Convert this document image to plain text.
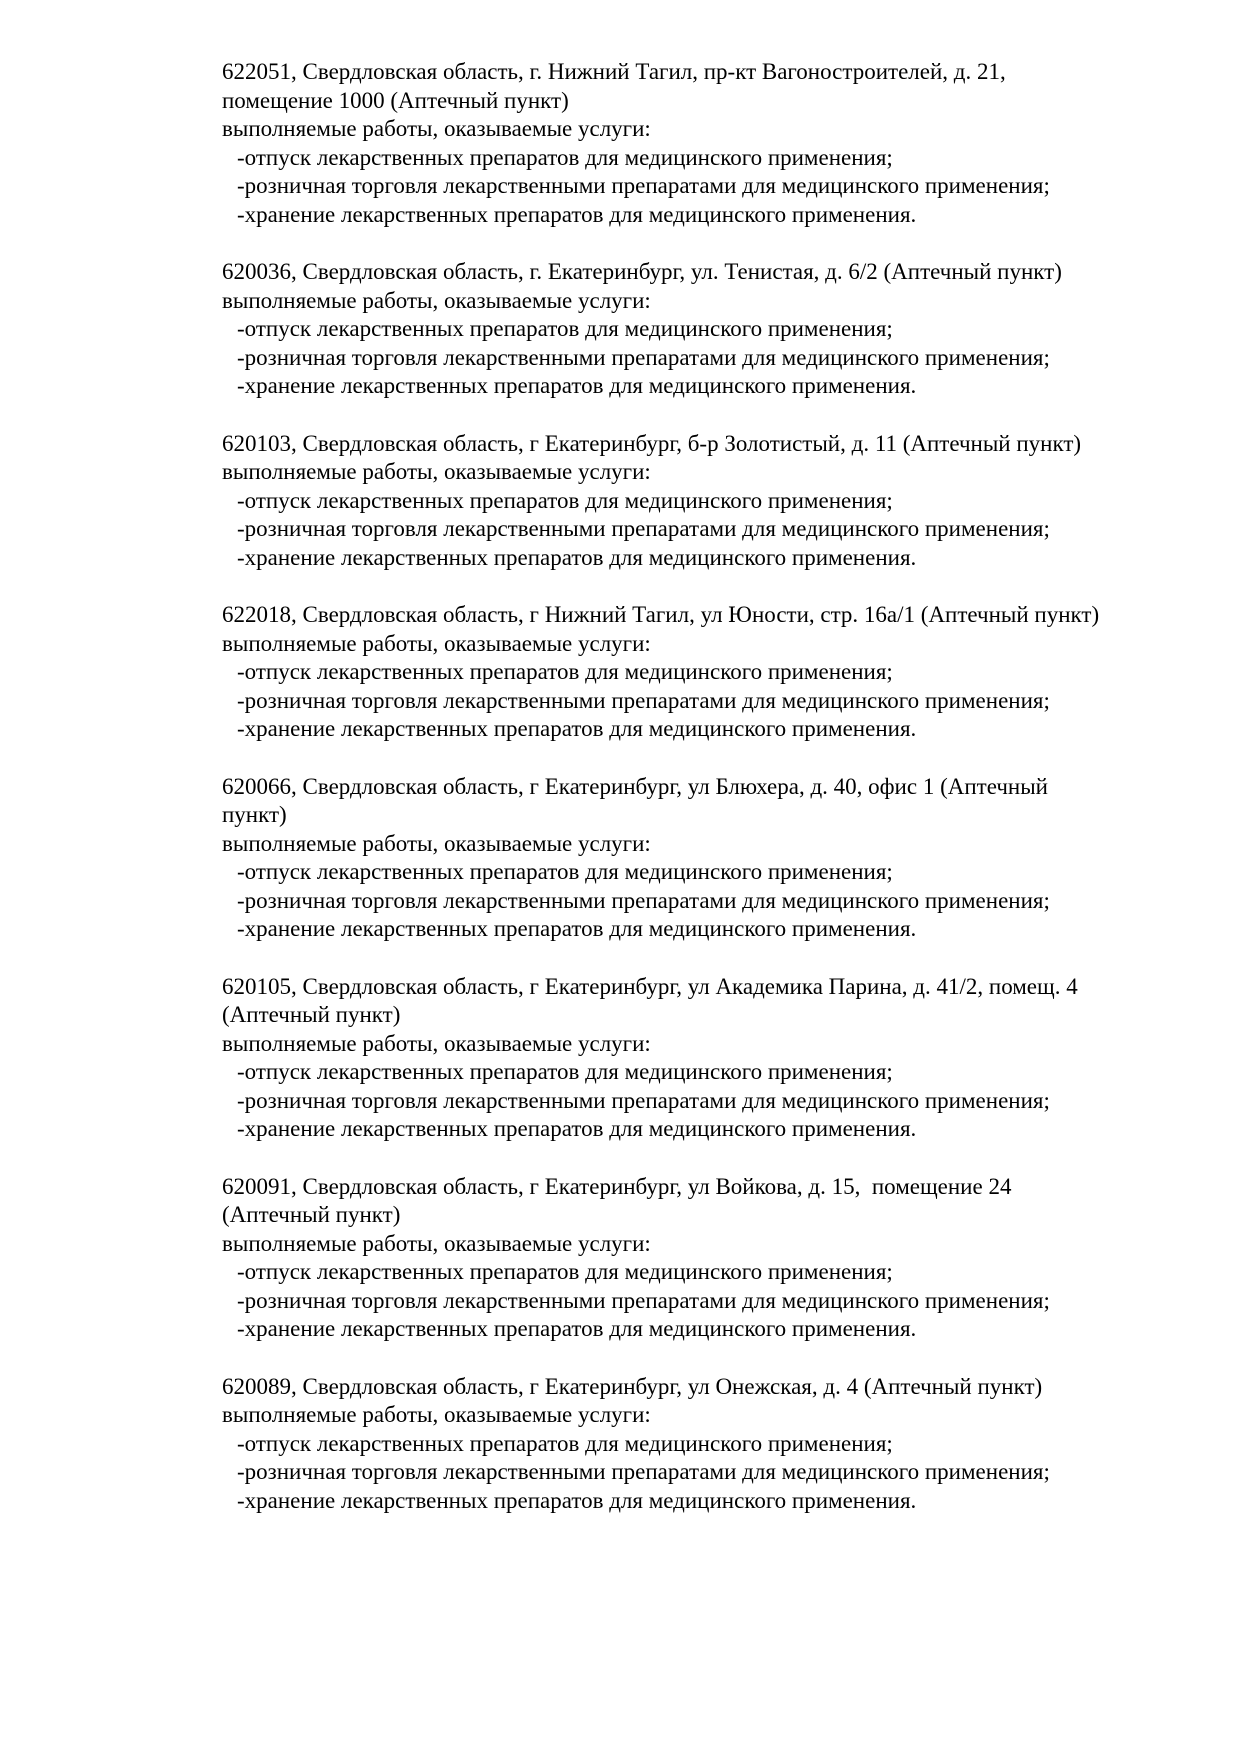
622051, Свердловская область, г. Нижний Тагил, пр-кт Вагоностроителей, д. 21,
помещение 1000 (Аптечный пункт)
выполняемые работы, оказываемые услуги:
-отпуск лекарственных препаратов для медицинского применения;
-розничная торговля лекарственными препаратами для медицинского применения;
-хранение лекарственных препаратов для медицинского применения.
620036, Свердловская область, г. Екатеринбург, ул. Тенистая, д. 6/2 (Аптечный пункт)
выполняемые работы, оказываемые услуги:
-отпуск лекарственных препаратов для медицинского применения;
-розничная торговля лекарственными препаратами для медицинского применения;
-хранение лекарственных препаратов для медицинского применения.
620103, Свердловская область, г Екатеринбург, б-р Золотистый, д. 11 (Аптечный пункт)
выполняемые работы, оказываемые услуги:
-отпуск лекарственных препаратов для медицинского применения;
-розничная торговля лекарственными препаратами для медицинского применения;
-хранение лекарственных препаратов для медицинского применения.
622018, Свердловская область, г Нижний Тагил, ул Юности, стр. 16а/1 (Аптечный пункт)
выполняемые работы, оказываемые услуги:
-отпуск лекарственных препаратов для медицинского применения;
-розничная торговля лекарственными препаратами для медицинского применения;
-хранение лекарственных препаратов для медицинского применения.
620066, Свердловская область, г Екатеринбург, ул Блюхера, д. 40, офис 1 (Аптечный
пункт)
выполняемые работы, оказываемые услуги:
-отпуск лекарственных препаратов для медицинского применения;
-розничная торговля лекарственными препаратами для медицинского применения;
-хранение лекарственных препаратов для медицинского применения.
620105, Свердловская область, г Екатеринбург, ул Академика Парина, д. 41/2, помещ. 4
(Аптечный пункт)
выполняемые работы, оказываемые услуги:
-отпуск лекарственных препаратов для медицинского применения;
-розничная торговля лекарственными препаратами для медицинского применения;
-хранение лекарственных препаратов для медицинского применения.
620091, Свердловская область, г Екатеринбург, ул Войкова, д. 15,  помещение 24
(Аптечный пункт)
выполняемые работы, оказываемые услуги:
-отпуск лекарственных препаратов для медицинского применения;
-розничная торговля лекарственными препаратами для медицинского применения;
-хранение лекарственных препаратов для медицинского применения.
620089, Свердловская область, г Екатеринбург, ул Онежская, д. 4 (Аптечный пункт)
выполняемые работы, оказываемые услуги:
-отпуск лекарственных препаратов для медицинского применения;
-розничная торговля лекарственными препаратами для медицинского применения;
-хранение лекарственных препаратов для медицинского применения.
